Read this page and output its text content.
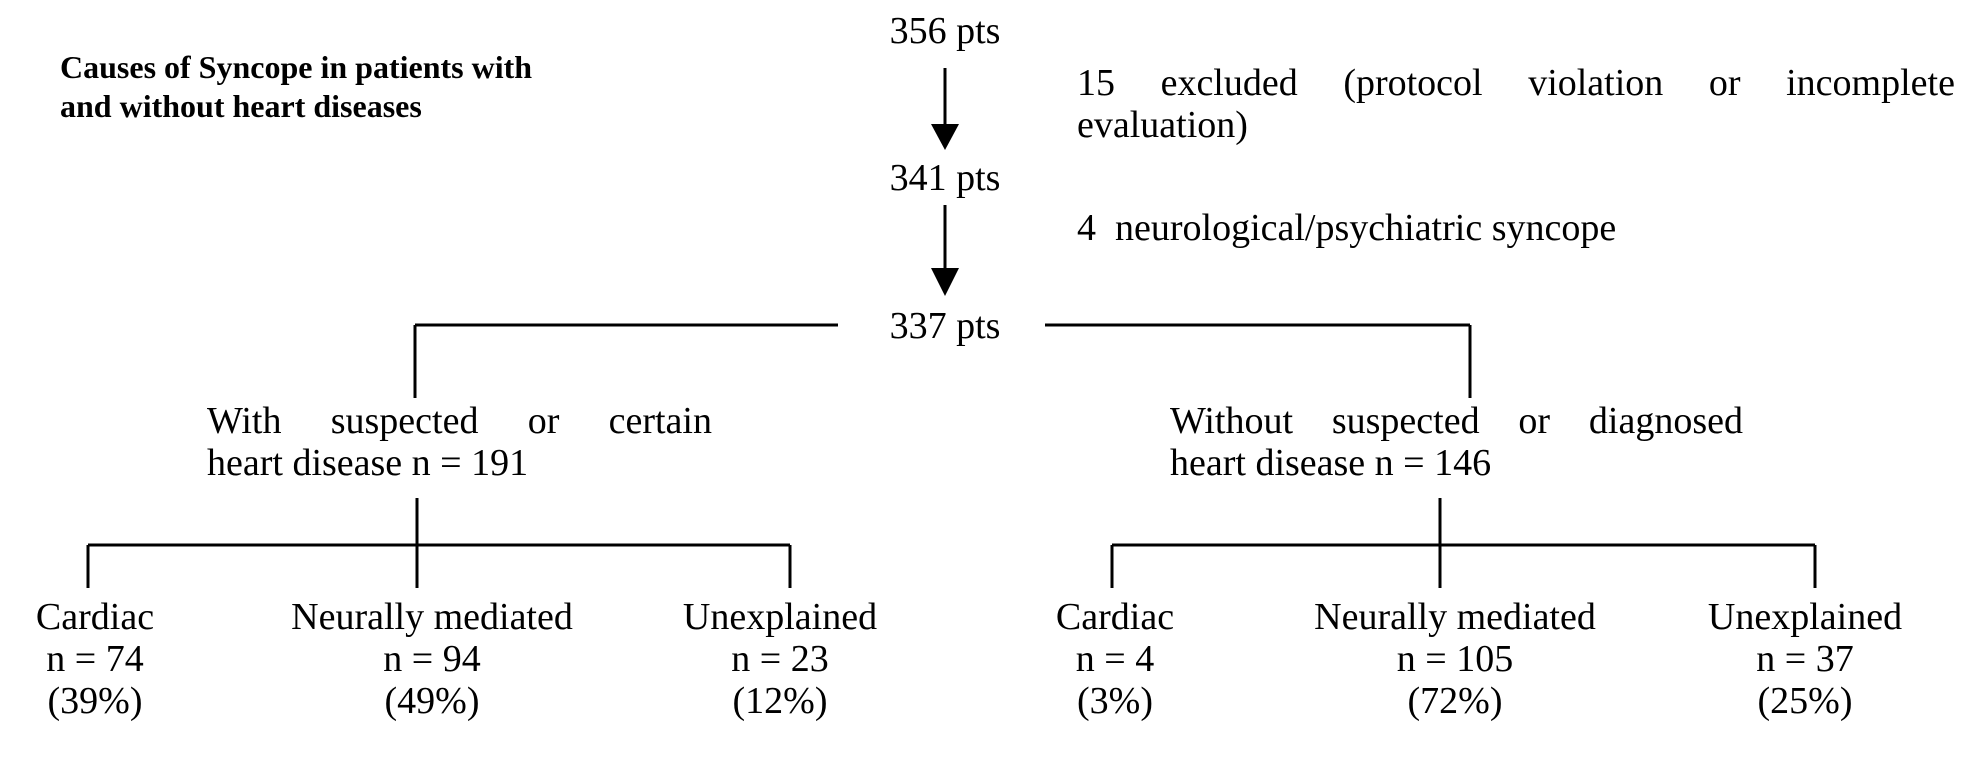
Causes of Syncope in patients with
and without heart diseases
356 pts
15 excluded (protocol violation or incomplete
evaluation)
341 pts
4  neurological/psychiatric syncope
337 pts
With suspected or certain
heart disease n = 191
Without suspected or diagnosed
heart disease n = 146
Cardiac
n = 74
(39%)
Neurally mediated
n = 94
(49%)
Unexplained
n = 23
(12%)
Cardiac
n = 4
(3%)
Neurally mediated
n = 105
(72%)
Unexplained
n = 37
(25%)
